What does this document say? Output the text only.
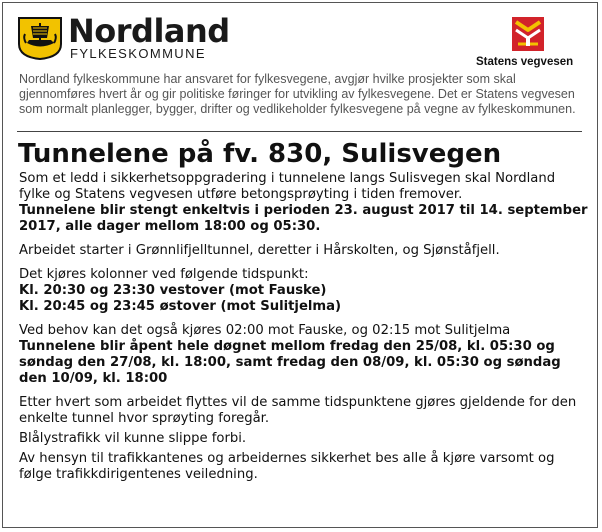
Nordland
FYLKESKOMMUNE
Statens vegvesen
Nordland fylkeskommune har ansvaret for fylkesvegene, avgjør hvilke prosjekter som skal gjennomføres hvert år og gir politiske føringer for utvikling av fylkesvegene. Det er Statens vegvesen som normalt planlegger, bygger, drifter og vedlikeholder fylkesvegene på vegne av fylkeskommunen.
Tunnelene på fv. 830, Sulisvegen

Som et ledd i sikkerhetsoppgradering i tunnelene langs Sulisvegen skal Nordland fylke og Statens vegvesen utføre betongsprøyting i tiden fremover.

Tunnelene blir stengt enkeltvis i perioden 23. august 2017 til 14. september 2017, alle dager mellom 18:00 og 05:30.

Arbeidet starter i Grønnlifjelltunnel, deretter i Hårskolten, og Sjønståfjell.

Det kjøres kolonner ved følgende tidspunkt:

Kl. 20:30 og 23:30 vestover (mot Fauske)

Kl. 20:45 og 23:45 østover (mot Sulitjelma)

Ved behov kan det også kjøres 02:00 mot Fauske, og 02:15 mot Sulitjelma

Tunnelene blir åpent hele døgnet mellom fredag den 25/08, kl. 05:30 og søndag den 27/08, kl. 18:00, samt fredag den 08/09, kl. 05:30 og søndag den 10/09, kl. 18:00

Etter hvert som arbeidet flyttes vil de samme tidspunktene gjøres gjeldende for den enkelte tunnel hvor sprøyting foregår.

Blålystrafikk vil kunne slippe forbi.

Av hensyn til trafikkantenes og arbeidernes sikkerhet bes alle å kjøre varsomt og følge trafikkdirigentenes veiledning.
